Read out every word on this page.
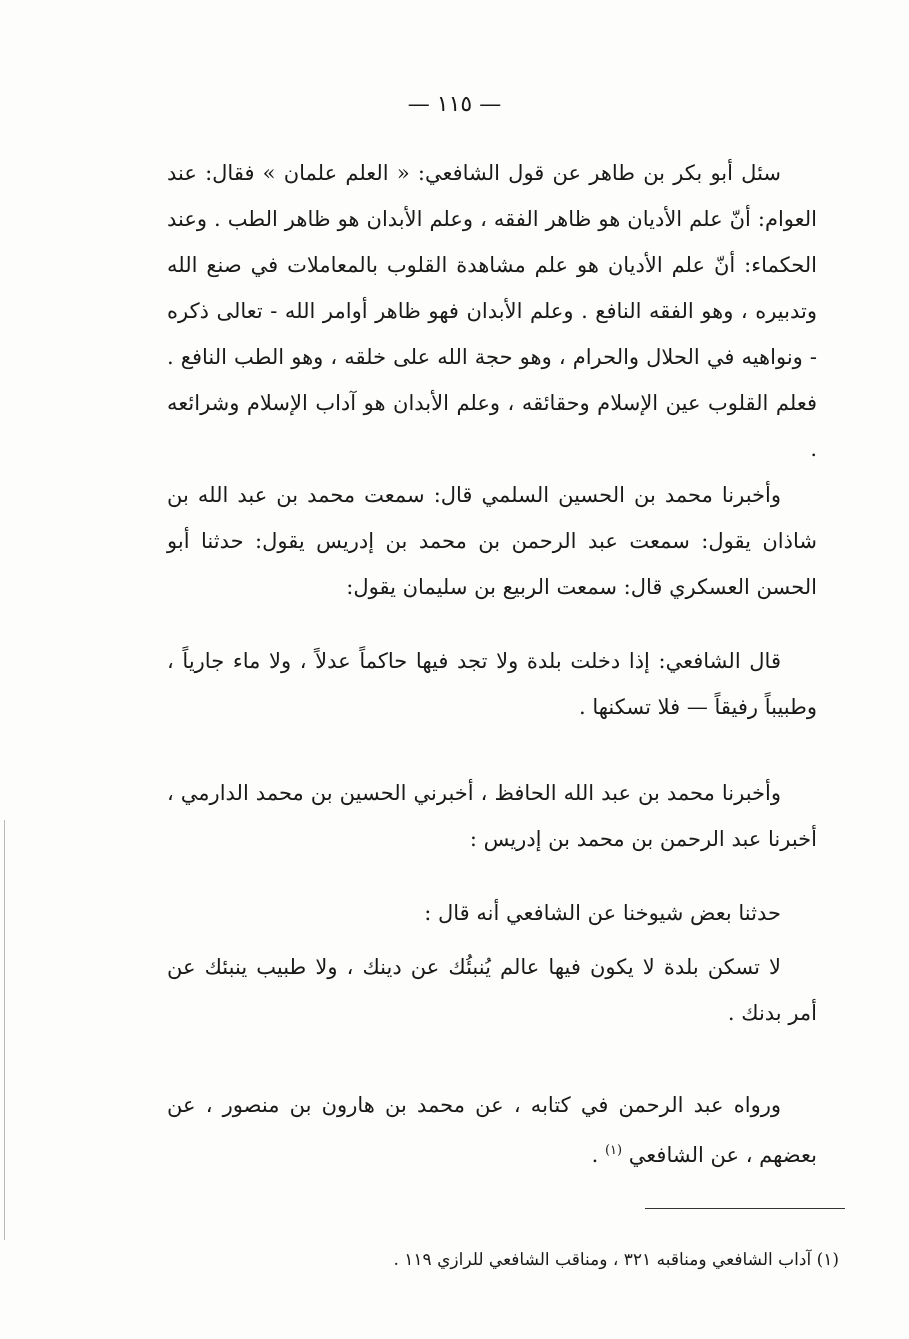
— ١١٥ —

سئل أبو بكر بن طاهر عن قول الشافعي: « العلم علمان » فقال: عند العوام: أنّ علم الأديان هو ظاهر الفقه ، وعلم الأبدان هو ظاهر الطب . وعند الحكماء: أنّ علم الأديان هو علم مشاهدة القلوب بالمعاملات في صنع الله وتدبيره ، وهو الفقه النافع . وعلم الأبدان فهو ظاهر أوامر الله - تعالى ذكره - ونواهيه في الحلال والحرام ، وهو حجة الله على خلقه ، وهو الطب النافع . فعلم القلوب عين الإسلام وحقائقه ، وعلم الأبدان هو آداب الإسلام وشرائعه .

وأخبرنا محمد بن الحسين السلمي قال: سمعت محمد بن عبد الله بن شاذان يقول: سمعت عبد الرحمن بن محمد بن إدريس يقول: حدثنا أبو الحسن العسكري قال: سمعت الربيع بن سليمان يقول:

قال الشافعي: إذا دخلت بلدة ولا تجد فيها حاكماً عدلاً ، ولا ماء جارياً ، وطبيباً رفيقاً — فلا تسكنها .

وأخبرنا محمد بن عبد الله الحافظ ، أخبرني الحسين بن محمد الدارمي ، أخبرنا عبد الرحمن بن محمد بن إدريس :

حدثنا بعض شيوخنا عن الشافعي أنه قال :

لا تسكن بلدة لا يكون فيها عالم يُنبئُك عن دينك ، ولا طبيب ينبئك عن أمر بدنك .

ورواه عبد الرحمن في كتابه ، عن محمد بن هارون بن منصور ، عن بعضهم ، عن الشافعي $^{(١)}$ .

(١) آداب الشافعي ومناقبه ٣٢١ ، ومناقب الشافعي للرازي ١١٩ .
